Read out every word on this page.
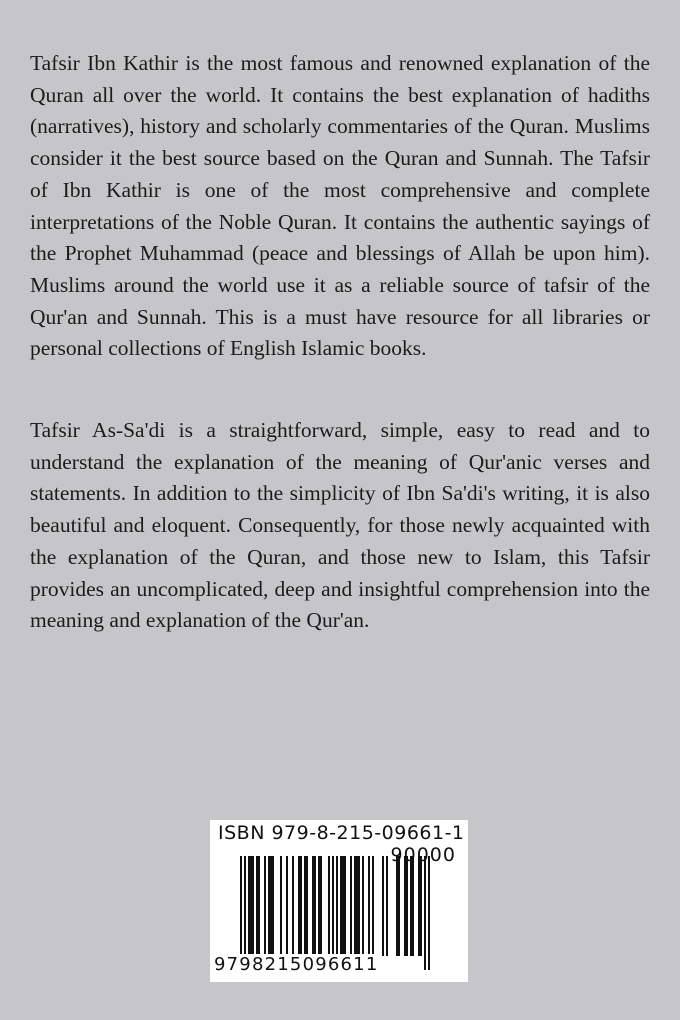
Tafsir Ibn Kathir is the most famous and renowned explanation of the Quran all over the world. It contains the best explanation of hadiths (narratives), history and scholarly commentaries of the Quran. Muslims consider it the best source based on the Quran and Sunnah. The Tafsir of Ibn Kathir is one of the most comprehensive and complete interpretations of the Noble Quran. It contains the authentic sayings of the Prophet Muhammad (peace and blessings of Allah be upon him). Muslims around the world use it as a reliable source of tafsir of the Qur'an and Sunnah. This is a must have resource for all libraries or personal collections of English Islamic books.

Tafsir As-Sa'di is a straightforward, simple, easy to read and to understand the explanation of the meaning of Qur'anic verses and statements. In addition to the simplicity of Ibn Sa'di's writing, it is also beautiful and eloquent. Consequently, for those newly acquainted with the explanation of the Quran, and those new to Islam, this Tafsir provides an uncomplicated, deep and insightful comprehension into the meaning and explanation of the Qur'an.

ISBN 979-8-215-09661-1
90000
9798215096611
